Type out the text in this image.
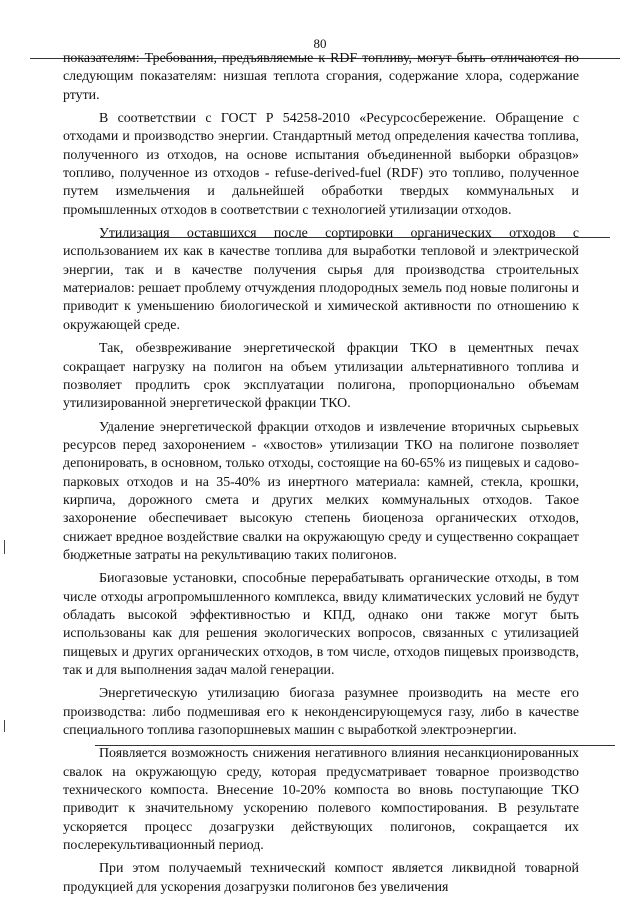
80

показателям: Требования, предъявляемые к RDF топливу, могут быть отличаются по следующим показателям: низшая теплота сгорания, содержание хлора, содержание ртути.

В соответствии с ГОСТ Р 54258-2010 «Ресурсосбережение. Обращение с отходами и производство энергии. Стандартный метод определения качества топлива, полученного из отходов, на основе испытания объединенной выборки образцов» топливо, полученное из отходов - refuse-derived-fuel (RDF) это топливо, полученное путем измельчения и дальнейшей обработки твердых коммунальных и промышленных отходов в соответствии с технологией утилизации отходов.

Утилизация оставшихся после сортировки органических отходов с использованием их как в качестве топлива для выработки тепловой и электрической энергии, так и в качестве получения сырья для производства строительных материалов: решает проблему отчуждения плодородных земель под новые полигоны и приводит к уменьшению биологической и химической активности по отношению к окружающей среде.

Так, обезвреживание энергетической фракции ТКО в цементных печах сокращает нагрузку на полигон на объем утилизации альтернативного топлива и позволяет продлить срок эксплуатации полигона, пропорционально объемам утилизированной энергетической фракции ТКО.

Удаление энергетической фракции отходов и извлечение вторичных сырьевых ресурсов перед захоронением - «хвостов» утилизации ТКО на полигоне позволяет депонировать, в основном, только отходы, состоящие на 60-65% из пищевых и садово- парковых отходов и на 35-40% из инертного материала: камней, стекла, крошки, кирпича, дорожного смета и других мелких коммунальных отходов. Такое захоронение обеспечивает высокую степень биоценоза органических отходов, снижает вредное воздействие свалки на окружающую среду и существенно сокращает бюджетные затраты на рекультивацию таких полигонов.

Биогазовые установки, способные перерабатывать органические отходы, в том числе отходы агропромышленного комплекса, ввиду климатических условий не будут обладать высокой эффективностью и КПД, однако они также могут быть использованы как для решения экологических вопросов, связанных с утилизацией пищевых и других органических отходов, в том числе, отходов пищевых производств, так и для выполнения задач малой генерации.

Энергетическую утилизацию биогаза разумнее производить на месте его производства: либо подмешивая его к неконденсирующемуся газу, либо в качестве специального топлива газопоршневых машин с выработкой электроэнергии.

Появляется возможность снижения негативного влияния несанкционированных свалок на окружающую среду, которая предусматривает товарное производство технического компоста. Внесение 10-20% компоста во вновь поступающие ТКО приводит к значительному ускорению полевого компостирования. В результате ускоряется процесс дозагрузки действующих полигонов, сокращается их послерекультивационный период.

При этом получаемый технический компост является ликвидной товарной продукцией для ускорения дозагрузки полигонов без увеличения
